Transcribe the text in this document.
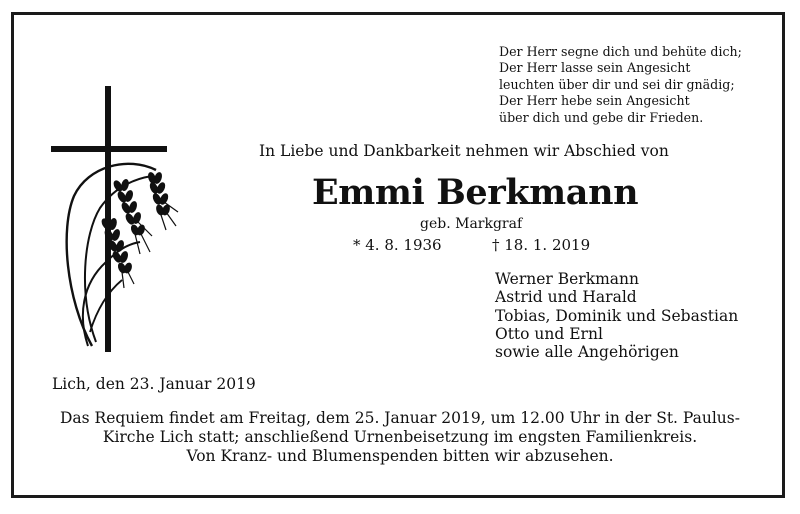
Der Herr segne dich und behüte dich;
Der Herr lasse sein Angesicht
leuchten über dir und sei dir gnädig;
Der Herr hebe sein Angesicht
über dich und gebe dir Frieden.
In Liebe und Dankbarkeit nehmen wir Abschied von
Emmi Berkmann
geb. Markgraf
* 4. 8. 1936	† 18. 1. 2019
Werner Berkmann
Astrid und Harald
Tobias, Dominik und Sebastian
Otto und Ernl
sowie alle Angehörigen
Lich, den 23. Januar 2019
Das Requiem findet am Freitag, dem 25. Januar 2019, um 12.00 Uhr in der St. Paulus-
Kirche Lich statt; anschließend Urnenbeisetzung im engsten Familienkreis.
Von Kranz- und Blumenspenden bitten wir abzusehen.
